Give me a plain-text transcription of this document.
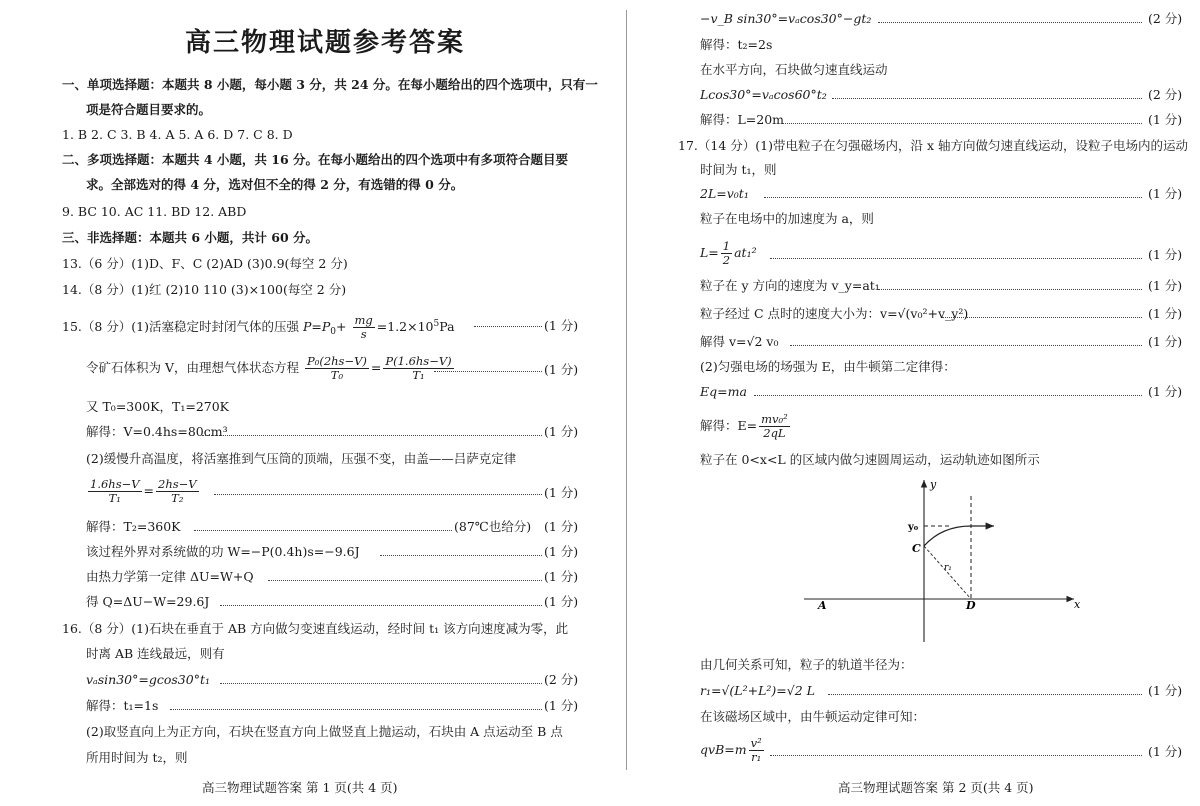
高三物理试题参考答案
一、单项选择题：本题共 8 小题，每小题 3 分，共 24 分。在每小题给出的四个选项中，只有一
项是符合题目要求的。
1. B 2. C 3. B 4. A 5. A 6. D 7. C 8. D
二、多项选择题：本题共 4 小题，共 16 分。在每小题给出的四个选项中有多项符合题目要
求。全部选对的得 4 分，选对但不全的得 2 分，有选错的得 0 分。
9. BC 10. AC 11. BD 12. ABD
三、非选择题：本题共 6 小题，共计 60 分。
13.（6 分）(1)D、F、C (2)AD (3)0.9(每空 2 分)
14.（8 分）(1)红 (2)10 110 (3)×100(每空 2 分)
15.（8 分）(1)活塞稳定时封闭气体的压强 $P=P_0+ \frac{mg}{s} =1.2\times 10^5Pa$	(1 分)
令矿石体积为 V，由理想气体状态方程 $\frac{\text{P₀(2hs−V)}}{\text{T₀}} = \frac{P(1.6hs-V)}{\text{T₁}}$	(1 分)
又 T₀=300K，T₁=270K
解得：V=0.4hs=80cm³	(1 分)
(2)缓慢升高温度，将活塞推到气压筒的顶端，压强不变，由盖——吕萨克定律
$\frac{1.6hs-V}{\text{T₁}} = \frac{2hs-V}{\text{T₂}}$	(1 分)
解得：T₂=360K	(87℃也给分) (1 分)
该过程外界对系统做的功 W=−P(0.4h)s=−9.6J	(1 分)
由热力学第一定律 ΔU=W+Q	(1 分)
得 Q=ΔU−W=29.6J	(1 分)
16.（8 分）(1)石块在垂直于 AB 方向做匀变速直线运动，经时间 t₁ 该方向速度减为零，此
时离 AB 连线最远，则有
vₐsin30°=gcos30°t₁	(2 分)
解得：t₁=1s	(1 分)
(2)取竖直向上为正方向，石块在竖直方向上做竖直上抛运动，石块由 A 点运动至 B 点
所用时间为 t₂，则
高三物理试题答案 第 1 页(共 4 页)
−v_B sin30°=vₐcos30°−gt₂	(2 分)
解得：t₂=2s
在水平方向，石块做匀速直线运动
Lcos30°=vₐcos60°t₂	(2 分)
解得：L=20m	(1 分)
17.（14 分）(1)带电粒子在匀强磁场内，沿 x 轴方向做匀速直线运动，设粒子电场内的运动
时间为 t₁，则
2L=v₀t₁	(1 分)
粒子在电场中的加速度为 a，则
$L= \frac{1}{2} at_1^2$	(1 分)
粒子在 y 方向的速度为 v_y=at₁	(1 分)
粒子经过 C 点时的速度大小为：v=√(v₀²+v_y²)	(1 分)
解得 v=√2 v₀	(1 分)
(2)匀强电场的场强为 E，由牛顿第二定律得：
Eq=ma	(1 分)
解得：$E= \frac{\text{mv₀²}}{2qL}$
粒子在 0<x<L 的区域内做匀速圆周运动，运动轨迹如图所示
y
x
y₀
C
r₁
A	D
由几何关系可知，粒子的轨道半径为：
r₁=√(L²+L²)=√2 L	(1 分)
在该磁场区域中，由牛顿运动定律可知：
$qvB=m \frac{\text{v²}}{\text{r₁}}$	(1 分)
高三物理试题答案 第 2 页(共 4 页)
